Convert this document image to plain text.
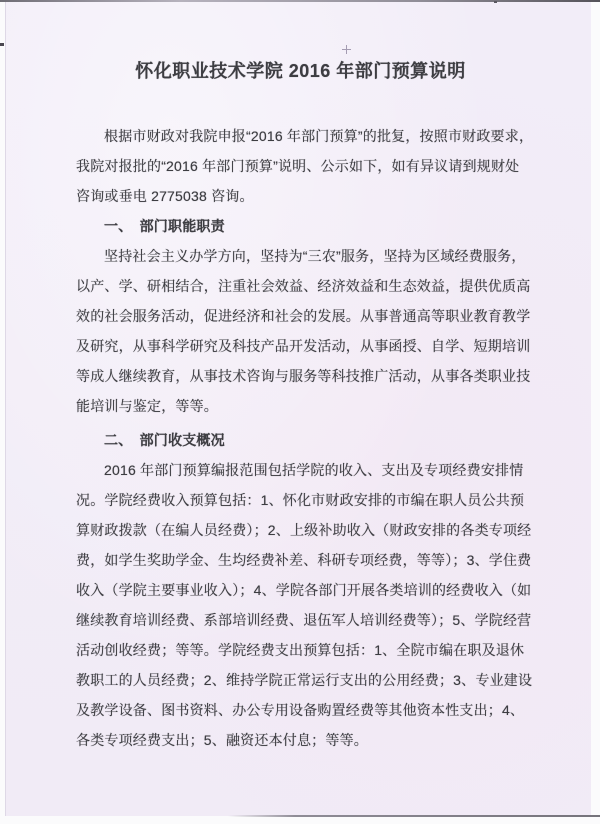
怀化职业技术学院 2016 年部门预算说明
根据市财政对我院申报“2016 年部门预算”的批复，按照市财政要求，
我院对报批的“2016 年部门预算”说明、公示如下，如有异议请到规财处
咨询或垂电 2775038 咨询。
一、　部门职能职责
坚持社会主义办学方向，坚持为“三农”服务，坚持为区域经费服务，
以产、学、研相结合，注重社会效益、经济效益和生态效益，提供优质高
效的社会服务活动，促进经济和社会的发展。从事普通高等职业教育教学
及研究，从事科学研究及科技产品开发活动，从事函授、自学、短期培训
等成人继续教育，从事技术咨询与服务等科技推广活动，从事各类职业技
能培训与鉴定，等等。
二、　部门收支概况
2016 年部门预算编报范围包括学院的收入、支出及专项经费安排情
况。学院经费收入预算包括：1、怀化市财政安排的市编在职人员公共预
算财政拨款（在编人员经费）；2、上级补助收入（财政安排的各类专项经
费，如学生奖助学金、生均经费补差、科研专项经费，等等）；3、学住费
收入（学院主要事业收入）；4、学院各部门开展各类培训的经费收入（如
继续教育培训经费、系部培训经费、退伍军人培训经费等）；5、学院经营
活动创收经费；等等。学院经费支出预算包括：1、全院市编在职及退休
教职工的人员经费；2、维持学院正常运行支出的公用经费；3、专业建设
及教学设备、图书资料、办公专用设备购置经费等其他资本性支出；4、
各类专项经费支出；5、融资还本付息；等等。
